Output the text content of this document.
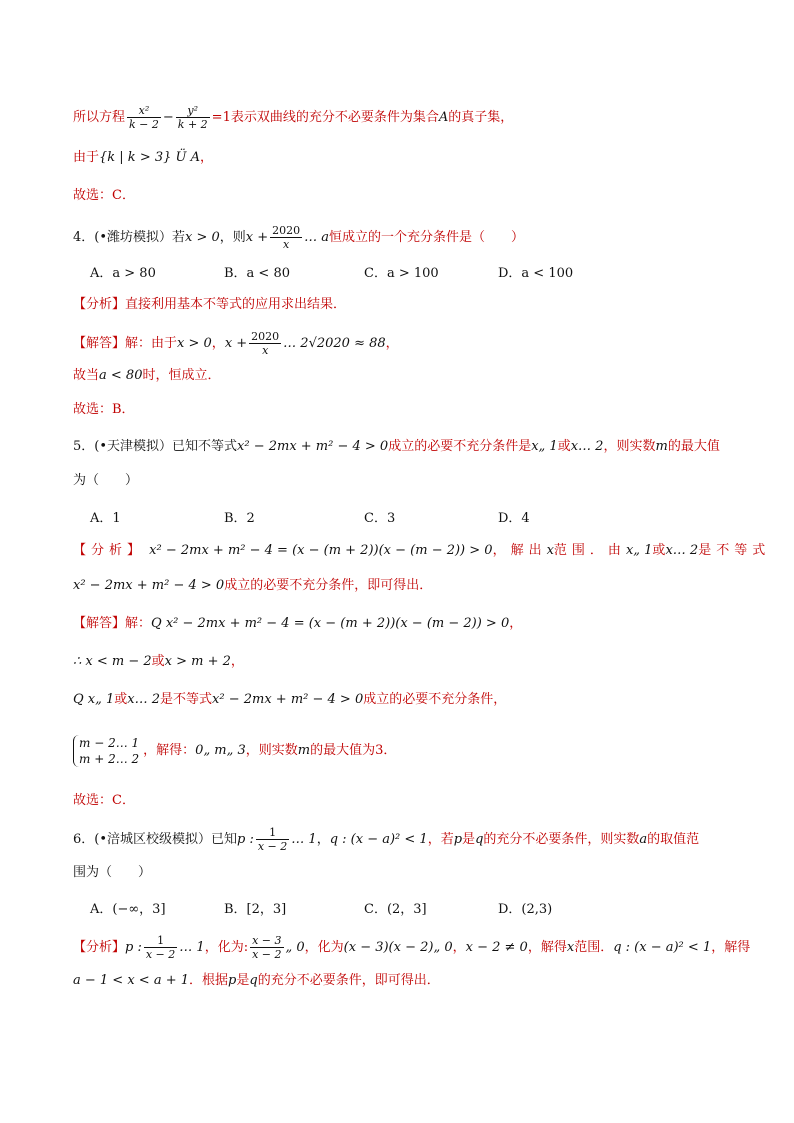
所以方程 $\frac{\text{x²}}{k - 2} - \frac{\text{y²}}{k + 2} =1$表示双曲线的充分不必要条件为集合A的真子集，
由于{k | k > 3} Ü A，
故选：C．
4．(•潍坊模拟）若x > 0，则$x + \frac{2020}{x}$ … a恒成立的一个充分条件是（　　）
A．a > 80	B．a < 80	C．a > 100	D．a < 100
【分析】直接利用基本不等式的应用求出结果．
【解答】解：由于x > 0，$x + \frac{2020}{x}$ … 2√2020 ≈ 88，
故当a < 80时，恒成立．
故选：B．
5．(•天津模拟）已知不等式x² − 2mx + m² − 4 > 0成立的必要不充分条件是x„ 1或x… 2，则实数m的最大值
为（　　）
A．1	B．2	C．3	D．4
【分析】 x² − 2mx + m² − 4 = (x − (m + 2))(x − (m − 2)) > 0，解出x范围．由x„ 1或x… 2是不等式
x² − 2mx + m² − 4 > 0成立的必要不充分条件，即可得出．
【解答】解：Q x² − 2mx + m² − 4 = (x − (m + 2))(x − (m − 2)) > 0，
∴ x < m − 2或x > m + 2，
Q x„ 1或x… 2是不等式x² − 2mx + m² − 4 > 0成立的必要不充分条件，
m − 2… 1
m + 2… 2
，解得：0„ m„ 3，则实数m的最大值为3．
故选：C．
6．(•涪城区校级模拟）已知p : $\frac{1}{x - 2}$ … 1，q : (x − a)² < 1，若p是q的充分不必要条件，则实数a的取值范
围为（　　）
A．(−∞，3]	B．[2，3]	C．(2，3]	D．(2,3)
【分析】p : $\frac{1}{x - 2}$ … 1，化为: $\frac{x - 3}{x - 2}$ „ 0，化为(x − 3)(x − 2)„ 0，x − 2 ≠ 0，解得x范围．q : (x − a)² < 1，解得
a − 1 < x < a + 1．根据p是q的充分不必要条件，即可得出．
